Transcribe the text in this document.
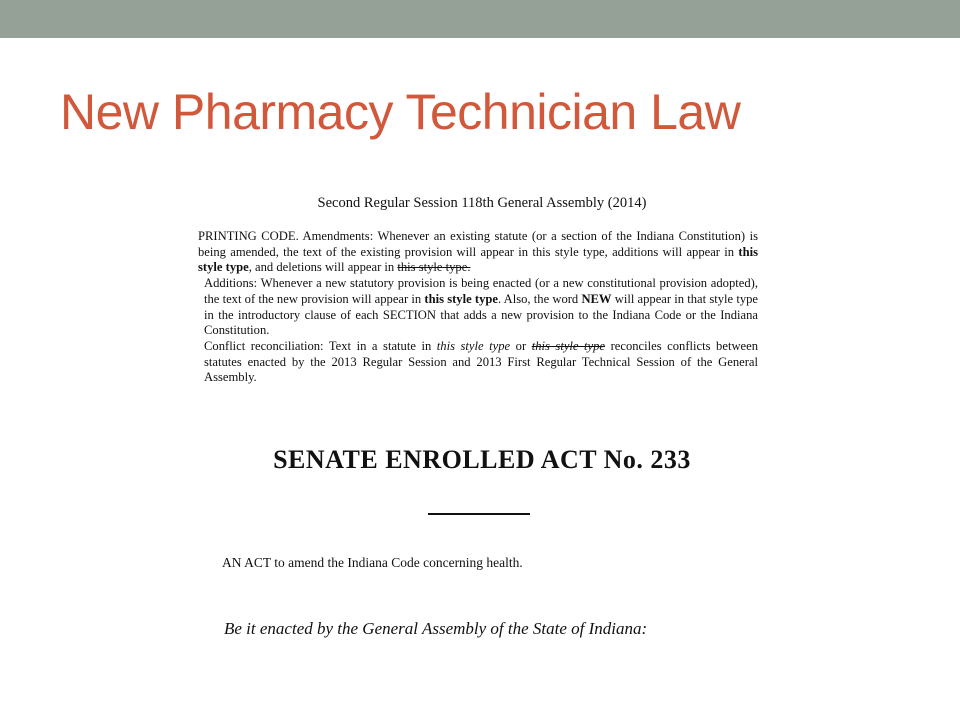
New Pharmacy Technician Law
Second Regular Session 118th General Assembly (2014)

PRINTING CODE. Amendments: Whenever an existing statute (or a section of the Indiana Constitution) is being amended, the text of the existing provision will appear in this style type, additions will appear in this style type, and deletions will appear in this style type.

Additions: Whenever a new statutory provision is being enacted (or a new constitutional provision adopted), the text of the new provision will appear in this style type. Also, the word NEW will appear in that style type in the introductory clause of each SECTION that adds a new provision to the Indiana Code or the Indiana Constitution.

Conflict reconciliation: Text in a statute in this style type or this style type reconciles conflicts between statutes enacted by the 2013 Regular Session and 2013 First Regular Technical Session of the General Assembly.

SENATE ENROLLED ACT No. 233
AN ACT to amend the Indiana Code concerning health.
Be it enacted by the General Assembly of the State of Indiana:
